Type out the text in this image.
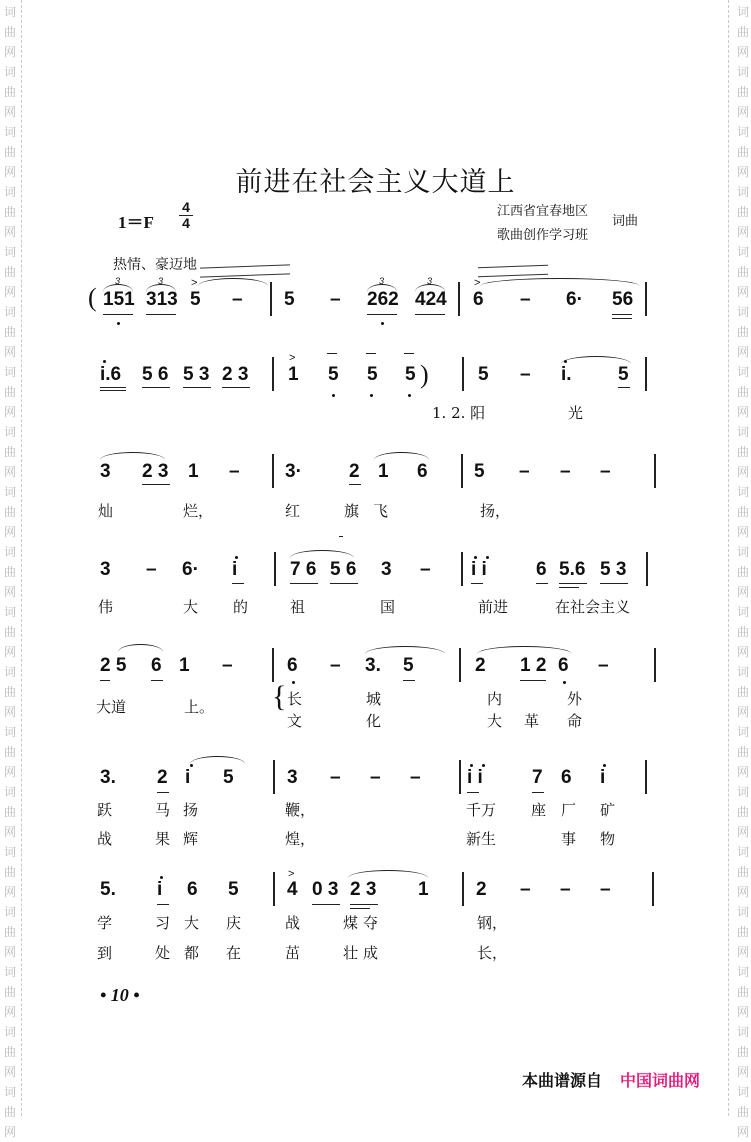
词
曲
网
词
曲
网
词
曲
网
词
曲
网
词
曲
网
词
曲
网
词
曲
网
词
曲
网
词
曲
网
词
曲
网
词
曲
网
词
曲
网
词
曲
网
词
曲
网
词
曲
网
词
曲
网
词
曲
网
词
曲
网
词
曲
网
词
曲
网
词
曲
网
词
曲
网
词
曲
网
词
曲
网
词
曲
网
词
曲
网
词
曲
网
词
曲
网
词
曲
网
词
曲
网
词
曲
网
词
曲
网
词
曲
网
词
曲
网
词
曲
网
词
曲
网
词
曲
网
词
曲
网
前进在社会主义大道上
1＝F
4
4
江西省宜春地区
歌曲创作学习班
词曲
热情、豪迈地
151 313 5 – 5 – 262 424 6 – 6· 56
i.6 5 6 5 3 2 3 1 5 5 5	5 – i. 5
1. 2. 阳	光
3 2 3 1 – 3· 2 1 6 5 – – –
灿	烂，	红	旗 飞	扬，
3 – 6· i	7 6 5 6 3 – i i	6 5.6 5 3
伟	大 的	祖	国	前进	在社会主义
2 5 6 1 –	6 – 3. 5	2 1 2 6 –
大道	上。	长	城	内	外
文	化	大 革 命
3. 2 i 5	3 – – – i i	7 6 i
跃	马 扬	鞭，	千万 座 厂 矿
战	果 辉	煌，	新生	事 物
5. i 6 5	4 0 3 2 3 1 2 – – –
学	习 大 庆	战	煤 夺	钢，
到	处 都 在	茁	壮 成	长，
(
3	3	3	3
>	>
>
)
{
>
• 10 •
本曲谱源自 中国词曲网
